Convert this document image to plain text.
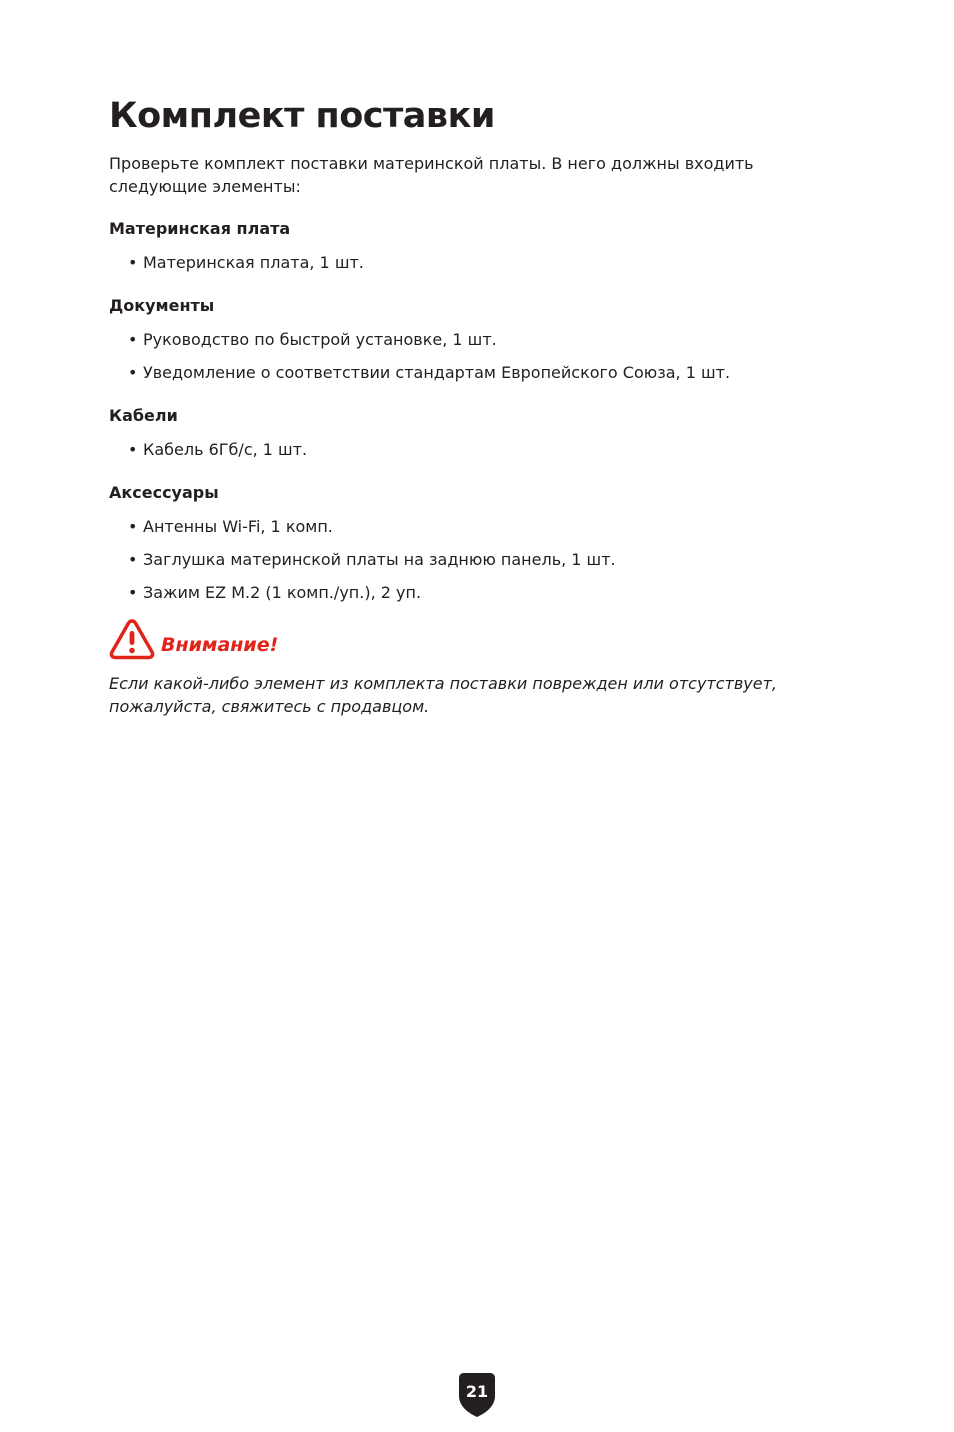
Комплект поставки

Проверьте комплект поставки материнской платы. В него должны входить следующие элементы:

Материнская плата
• Материнская плата, 1 шт.
Документы
• Руководство по быстрой установке, 1 шт.
• Уведомление о соответствии стандартам Европейского Союза, 1 шт.
Кабели
• Кабель 6Гб/с, 1 шт.
Аксессуары
• Антенны Wi-Fi, 1 комп.
• Заглушка материнской платы на заднюю панель, 1 шт.
• Зажим EZ M.2 (1 комп./уп.), 2 уп.
Внимание!

Если какой-либо элемент из комплекта поставки поврежден или отсутствует, пожалуйста, свяжитесь с продавцом.

21
